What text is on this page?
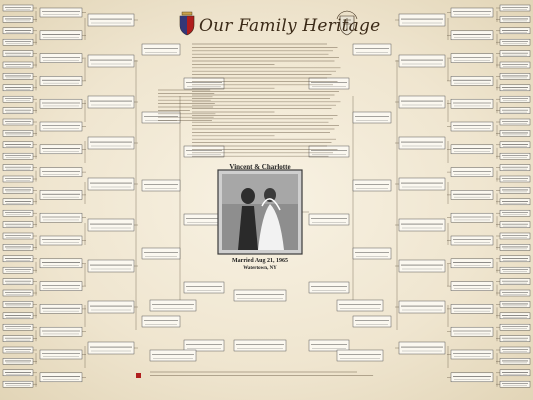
Our Family Heritage
Vincent & Charlotte
Married Aug 21, 1965
Watertown, NY
